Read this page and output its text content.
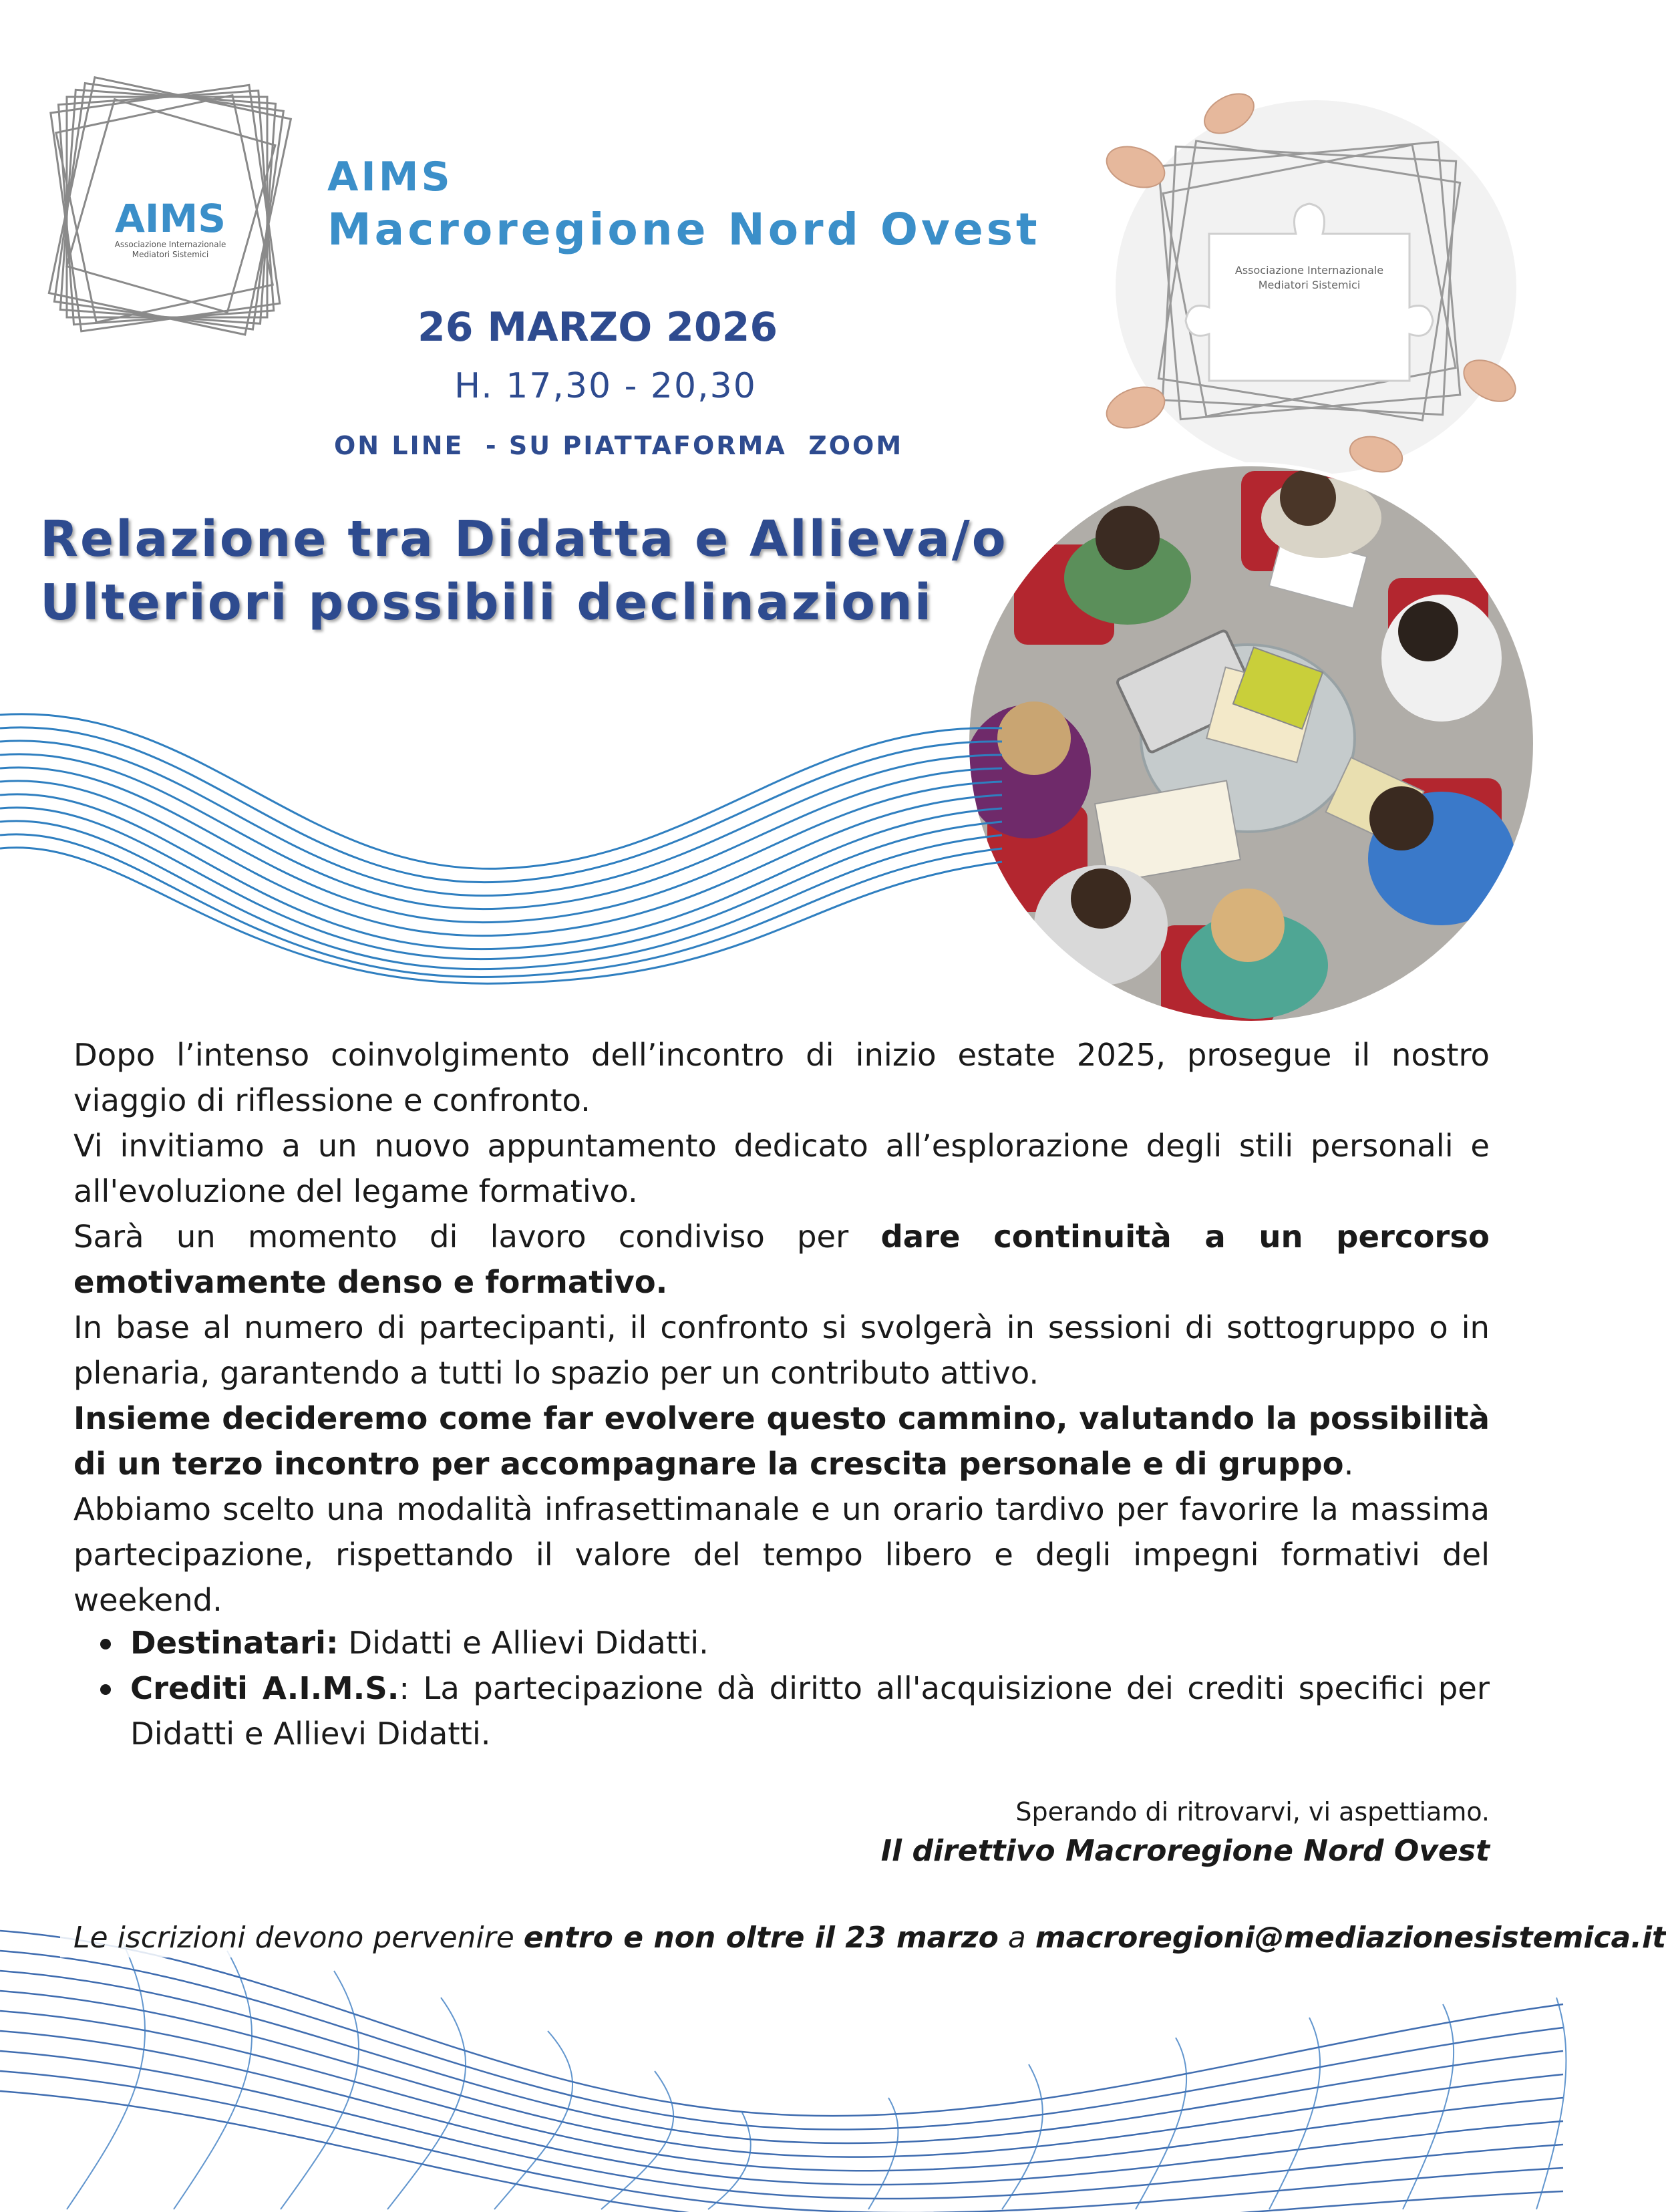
AIMS
Associazione Internazionale
Mediatori Sistemici
AIMS
Macroregione Nord Ovest
26 MARZO 2026
H. 17,30 - 20,30
ON LINE  - SU PIATTAFORMA  ZOOM
Relazione tra Didatta e Allieva/o
Ulteriori possibili declinazioni
Associazione Internazionale
Mediatori Sistemici

Dopo l’intenso coinvolgimento dell’incontro di inizio estate 2025, prosegue il nostro viaggio di riflessione e confronto.

Vi invitiamo a un nuovo appuntamento dedicato all’esplorazione degli stili personali e all'evoluzione del legame formativo.

Sarà un momento di lavoro condiviso per dare continuità a un percorso emotivamente denso e formativo.

In base al numero di partecipanti, il confronto si svolgerà in sessioni di sottogruppo o in plenaria, garantendo a tutti lo spazio per un contributo attivo.

Insieme decideremo come far evolvere questo cammino, valutando la possibilità di un terzo incontro per accompagnare la crescita personale e di gruppo.

Abbiamo scelto una modalità infrasettimanale e un orario tardivo per favorire la massima partecipazione, rispettando il valore del tempo libero e degli impegni formativi del weekend.

Destinatari: Didatti e Allievi Didatti.
Crediti A.I.M.S.: La partecipazione dà diritto all'acquisizione dei crediti specifici per Didatti e Allievi Didatti.
Sperando di ritrovarvi, vi aspettiamo.
Il direttivo Macroregione Nord Ovest
Le iscrizioni devono pervenire entro e non oltre il 23 marzo a macroregioni@mediazionesistemica.it
